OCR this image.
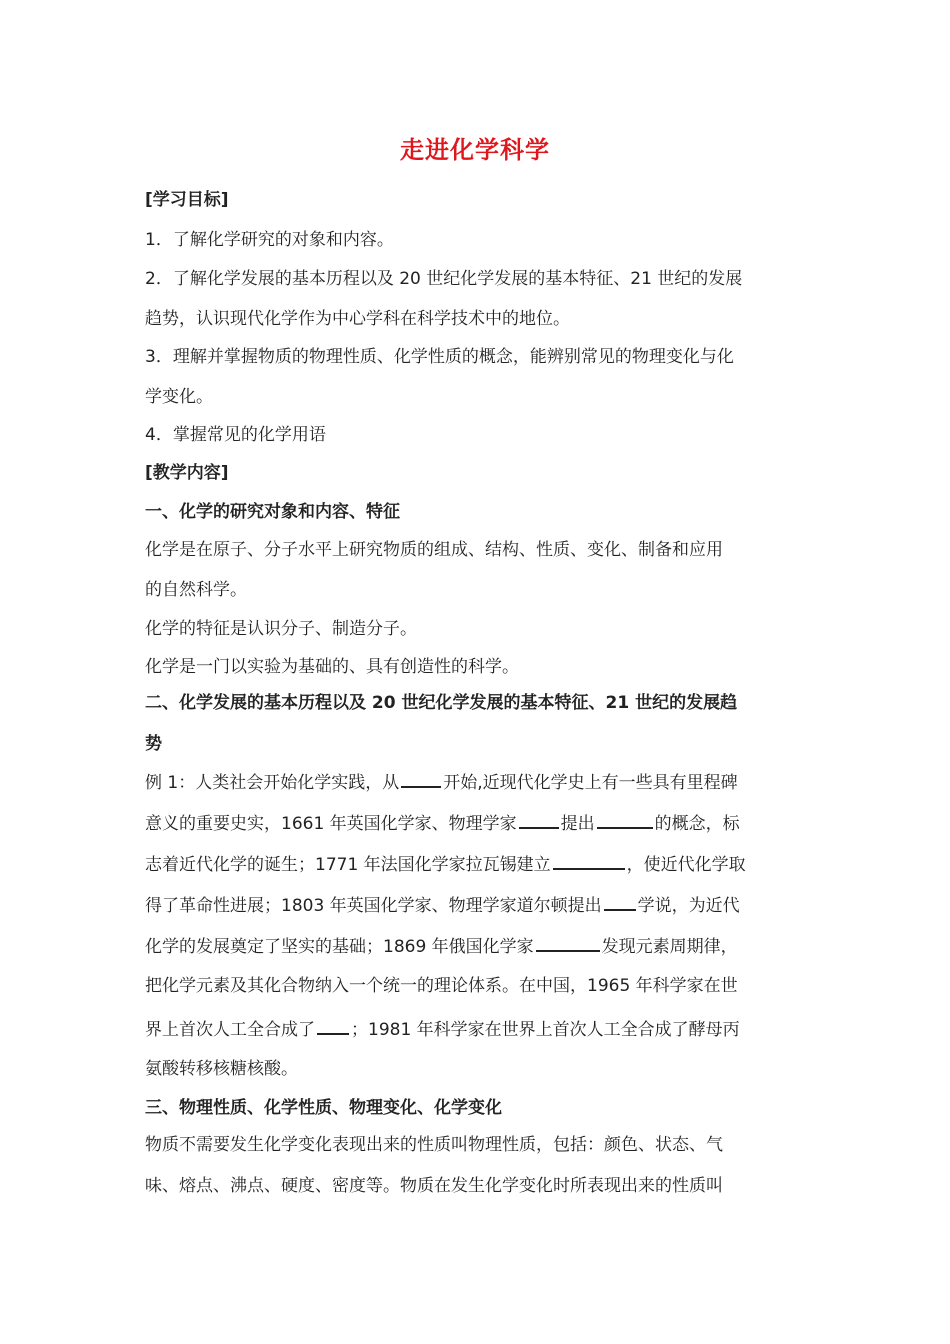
走进化学科学
[学习目标]
1．了解化学研究的对象和内容。
2．了解化学发展的基本历程以及 20 世纪化学发展的基本特征、21 世纪的发展
趋势，认识现代化学作为中心学科在科学技术中的地位。
3．理解并掌握物质的物理性质、化学性质的概念，能辨别常见的物理变化与化
学变化。
4．掌握常见的化学用语
[教学内容]
一、化学的研究对象和内容、特征
化学是在原子、分子水平上研究物质的组成、结构、性质、变化、制备和应用
的自然科学。
化学的特征是认识分子、制造分子。
化学是一门以实验为基础的、具有创造性的科学。
二、化学发展的基本历程以及 20 世纪化学发展的基本特征、21 世纪的发展趋
势
例 1：人类社会开始化学实践，从	开始,近现代化学史上有一些具有里程碑
意义的重要史实，1661 年英国化学家、物理学家	提出	的概念，标
志着近代化学的诞生；1771 年法国化学家拉瓦锡建立	，使近代化学取
得了革命性进展；1803 年英国化学家、物理学家道尔顿提出 学说，为近代
化学的发展奠定了坚实的基础；1869 年俄国化学家	发现元素周期律，
把化学元素及其化合物纳入一个统一的理论体系。在中国，1965 年科学家在世
界上首次人工全合成了 ；1981 年科学家在世界上首次人工全合成了酵母丙
氨酸转移核糖核酸。
三、物理性质、化学性质、物理变化、化学变化
物质不需要发生化学变化表现出来的性质叫物理性质，包括：颜色、状态、气
味、熔点、沸点、硬度、密度等。物质在发生化学变化时所表现出来的性质叫
